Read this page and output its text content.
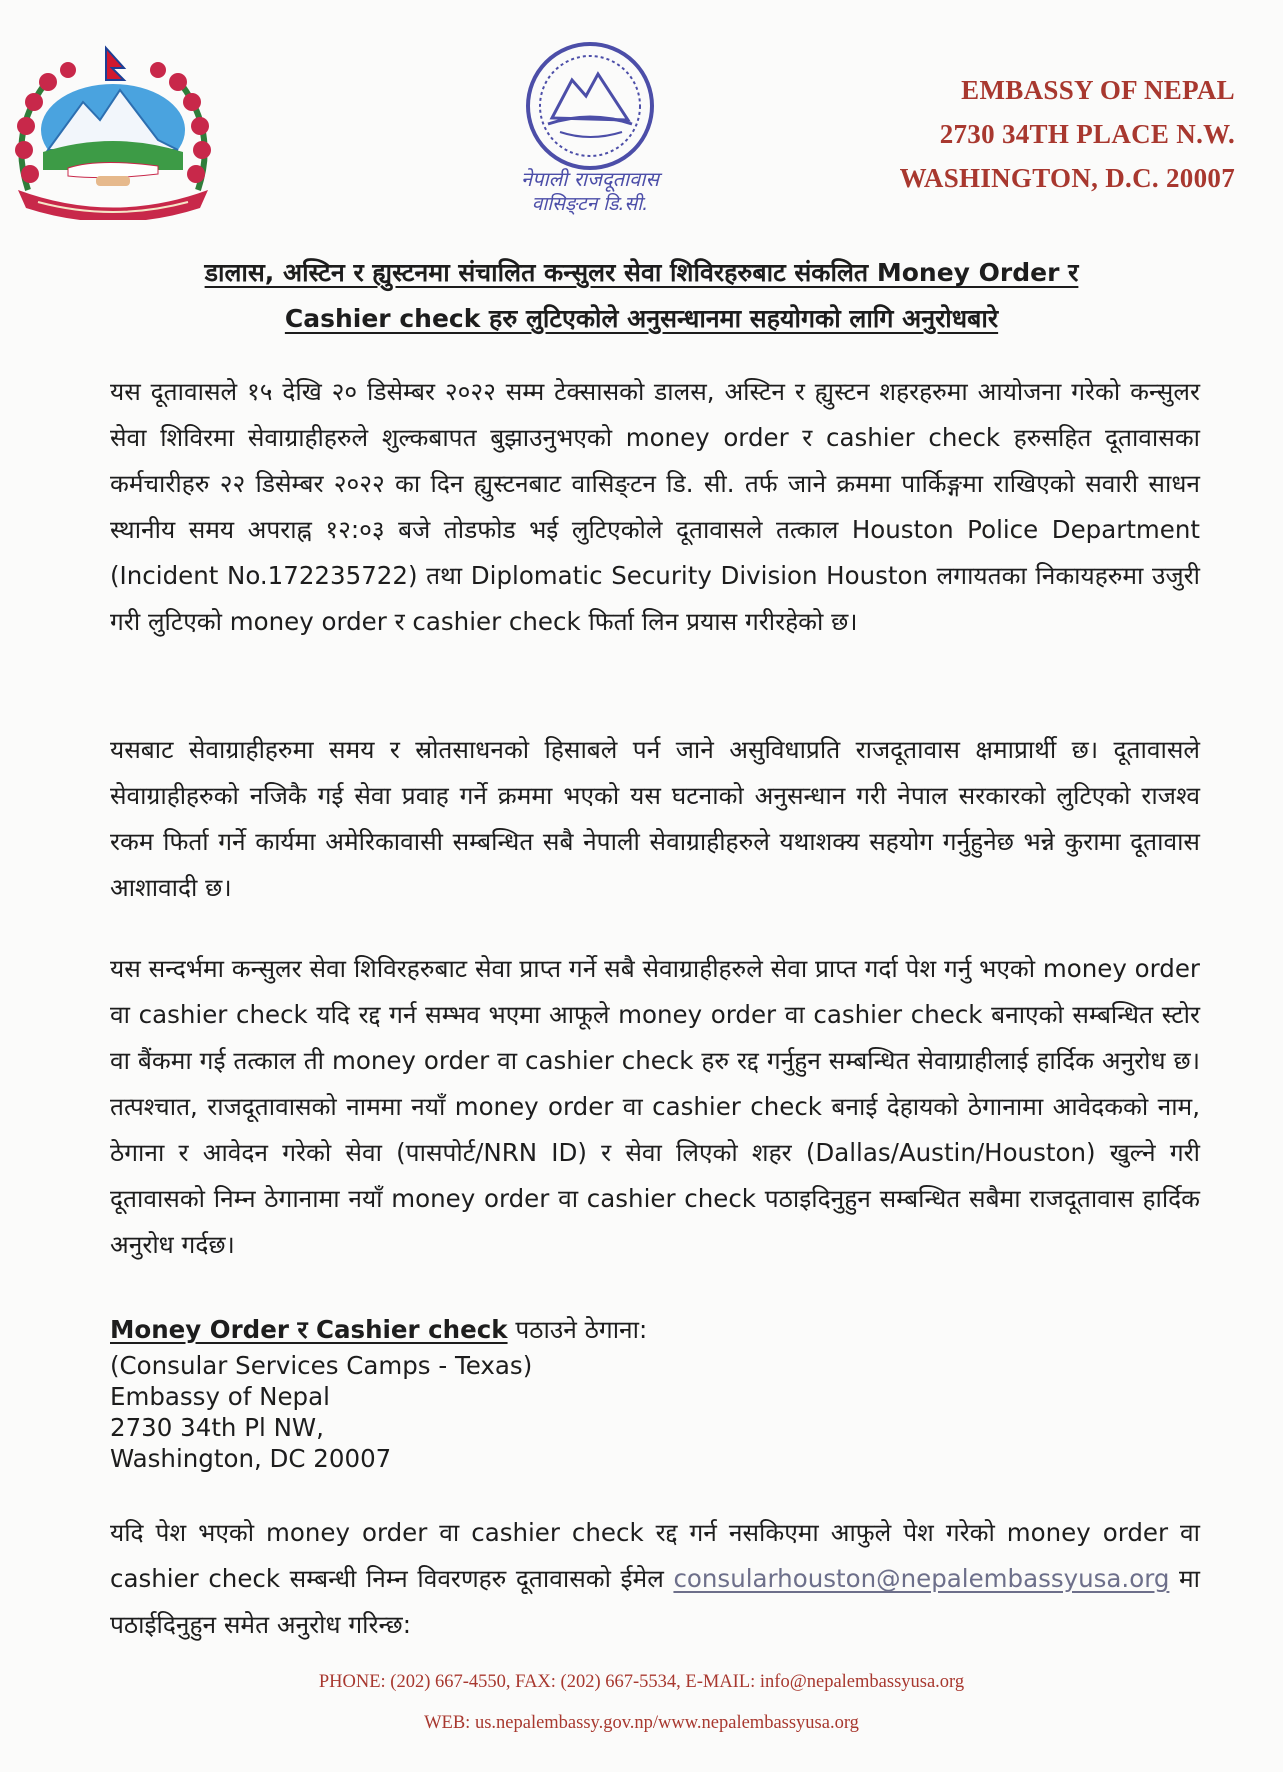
नेपाली राजदूतावास
वासिङ्टन डि.सी.
EMBASSY OF NEPAL
2730 34TH PLACE N.W.
WASHINGTON, D.C. 20007
डालास, अस्टिन र ह्युस्टनमा संचालित कन्सुलर सेवा शिविरहरुबाट संकलित Money Order र
Cashier check हरु लुटिएकोले अनुसन्धानमा सहयोगको लागि अनुरोधबारे

यस दूतावासले १५ देखि २० डिसेम्बर २०२२ सम्म टेक्सासको डालस, अस्टिन र ह्युस्टन शहरहरुमा आयोजना गरेको कन्सुलर सेवा शिविरमा सेवाग्राहीहरुले शुल्कबापत बुझाउनुभएको money order र cashier check हरुसहित दूतावासका कर्मचारीहरु २२ डिसेम्बर २०२२ का दिन ह्युस्टनबाट वासिङ्टन डि. सी. तर्फ जाने क्रममा पार्किङ्गमा राखिएको सवारी साधन स्थानीय समय अपराह्न १२:०३ बजे तोडफोड भई लुटिएकोले दूतावासले तत्काल Houston Police Department (Incident No.172235722) तथा Diplomatic Security Division Houston लगायतका निकायहरुमा उजुरी गरी लुटिएको money order र cashier check फिर्ता लिन प्रयास गरीरहेको छ।

यसबाट सेवाग्राहीहरुमा समय र स्रोतसाधनको हिसाबले पर्न जाने असुविधाप्रति राजदूतावास क्षमाप्रार्थी छ। दूतावासले सेवाग्राहीहरुको नजिकै गई सेवा प्रवाह गर्ने क्रममा भएको यस घटनाको अनुसन्धान गरी नेपाल सरकारको लुटिएको राजश्व रकम फिर्ता गर्ने कार्यमा अमेरिकावासी सम्बन्धित सबै नेपाली सेवाग्राहीहरुले यथाशक्य सहयोग गर्नुहुनेछ भन्ने कुरामा दूतावास आशावादी छ।

यस सन्दर्भमा कन्सुलर सेवा शिविरहरुबाट सेवा प्राप्त गर्ने सबै सेवाग्राहीहरुले सेवा प्राप्त गर्दा पेश गर्नु भएको money order वा cashier check यदि रद्द गर्न सम्भव भएमा आफूले money order वा cashier check बनाएको सम्बन्धित स्टोर वा बैंकमा गई तत्काल ती money order वा cashier check हरु रद्द गर्नुहुन सम्बन्धित सेवाग्राहीलाई हार्दिक अनुरोध छ। तत्पश्चात, राजदूतावासको नाममा नयाँ money order वा cashier check बनाई देहायको ठेगानामा आवेदकको नाम, ठेगाना र आवेदन गरेको सेवा (पासपोर्ट/NRN ID) र सेवा लिएको शहर (Dallas/Austin/Houston) खुल्ने गरी दूतावासको निम्न ठेगानामा नयाँ money order वा cashier check पठाइदिनुहुन सम्बन्धित सबैमा राजदूतावास हार्दिक अनुरोध गर्दछ।

Money Order र Cashier check पठाउने ठेगाना:
(Consular Services Camps - Texas)
Embassy of Nepal
2730 34th Pl NW,
Washington, DC 20007

यदि पेश भएको money order वा cashier check रद्द गर्न नसकिएमा आफुले पेश गरेको money order वा cashier check सम्बन्धी निम्न विवरणहरु दूतावासको ईमेल consularhouston@nepalembassyusa.org मा पठाईदिनुहुन समेत अनुरोध गरिन्छ:

PHONE: (202) 667-4550, FAX: (202) 667-5534, E-MAIL: info@nepalembassyusa.org
WEB: us.nepalembassy.gov.np/www.nepalembassyusa.org
